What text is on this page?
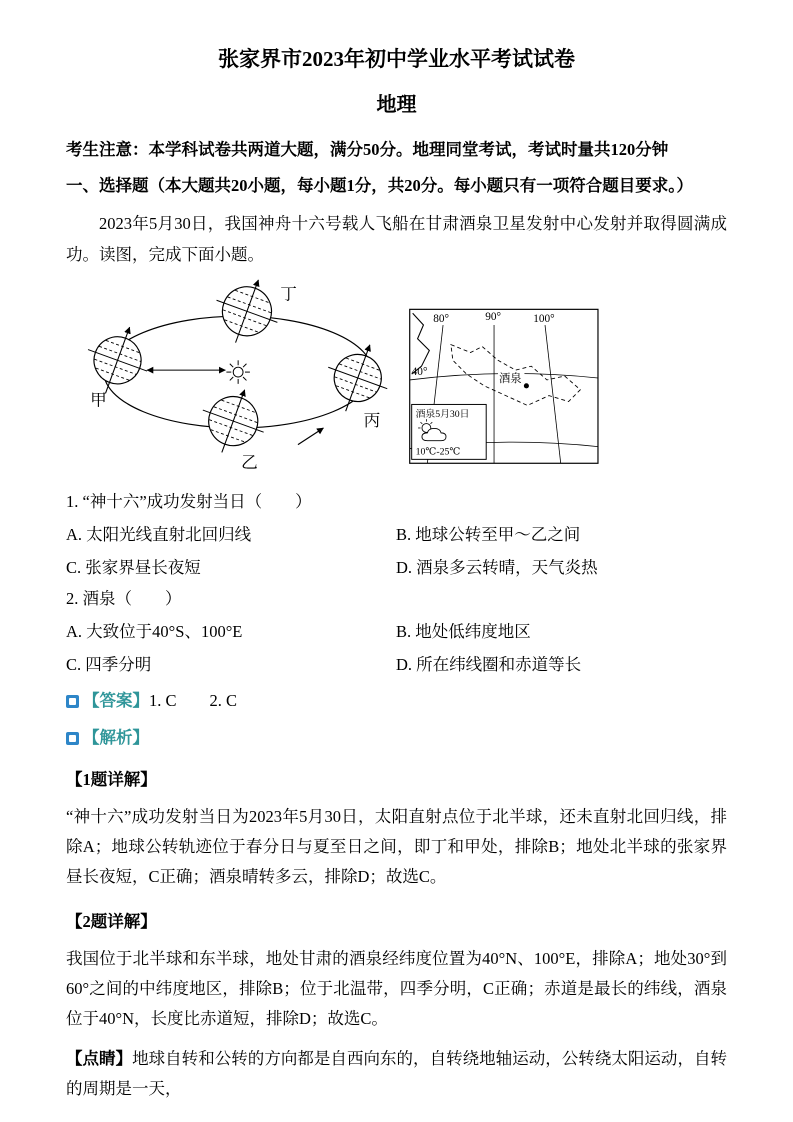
张家界市2023年初中学业水平考试试卷
地理

考生注意：本学科试卷共两道大题，满分50分。地理同堂考试，考试时量共120分钟

一、选择题（本大题共20小题，每小题1分，共20分。每小题只有一项符合题目要求。）

2023年5月30日，我国神舟十六号载人飞船在甘肃酒泉卫星发射中心发射并取得圆满成功。读图，完成下面小题。

甲
丁
丙
乙
酒泉
80°	90°	100°
40°
酒泉5月30日
10℃-25℃

1. “神十六”成功发射当日（　　）

A. 太阳光线直射北回归线	B. 地球公转至甲～乙之间
C. 张家界昼长夜短	D. 酒泉多云转晴，天气炎热

2. 酒泉（　　）

A. 大致位于40°S、100°E	B. 地处低纬度地区
C. 四季分明	D. 所在纬线圈和赤道等长
【答案】 1. C　　2. C
【解析】

【1题详解】

“神十六”成功发射当日为2023年5月30日，太阳直射点位于北半球，还未直射北回归线，排除A；地球公转轨迹位于春分日与夏至日之间，即丁和甲处，排除B；地处北半球的张家界昼长夜短，C正确；酒泉晴转多云，排除D；故选C。

【2题详解】

我国位于北半球和东半球，地处甘肃的酒泉经纬度位置为40°N、100°E，排除A；地处30°到60°之间的中纬度地区，排除B；位于北温带，四季分明，C正确；赤道是最长的纬线，酒泉位于40°N，长度比赤道短，排除D；故选C。

【点睛】地球自转和公转的方向都是自西向东的，自转绕地轴运动，公转绕太阳运动，自转的周期是一天，
